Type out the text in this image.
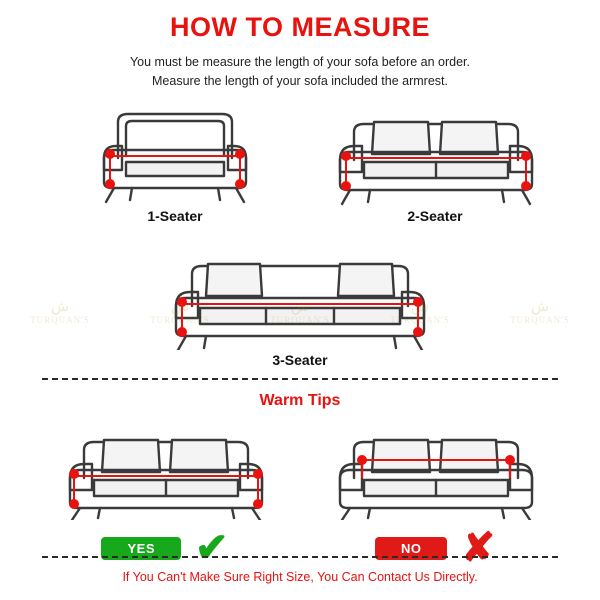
HOW TO MEASURE
You must be measure the length of your sofa before an order.
Measure the length of your sofa included the armrest.
1-Seater	2-Seater
3-Seater
ش
TURQUAN'S	TURQUAN'S
ش
TURQUAN'S
ش
TURQUAN'S
Warm Tips
YES	✔	NO	✘
If You Can't Make Sure Right Size, You Can Contact Us Directly.
